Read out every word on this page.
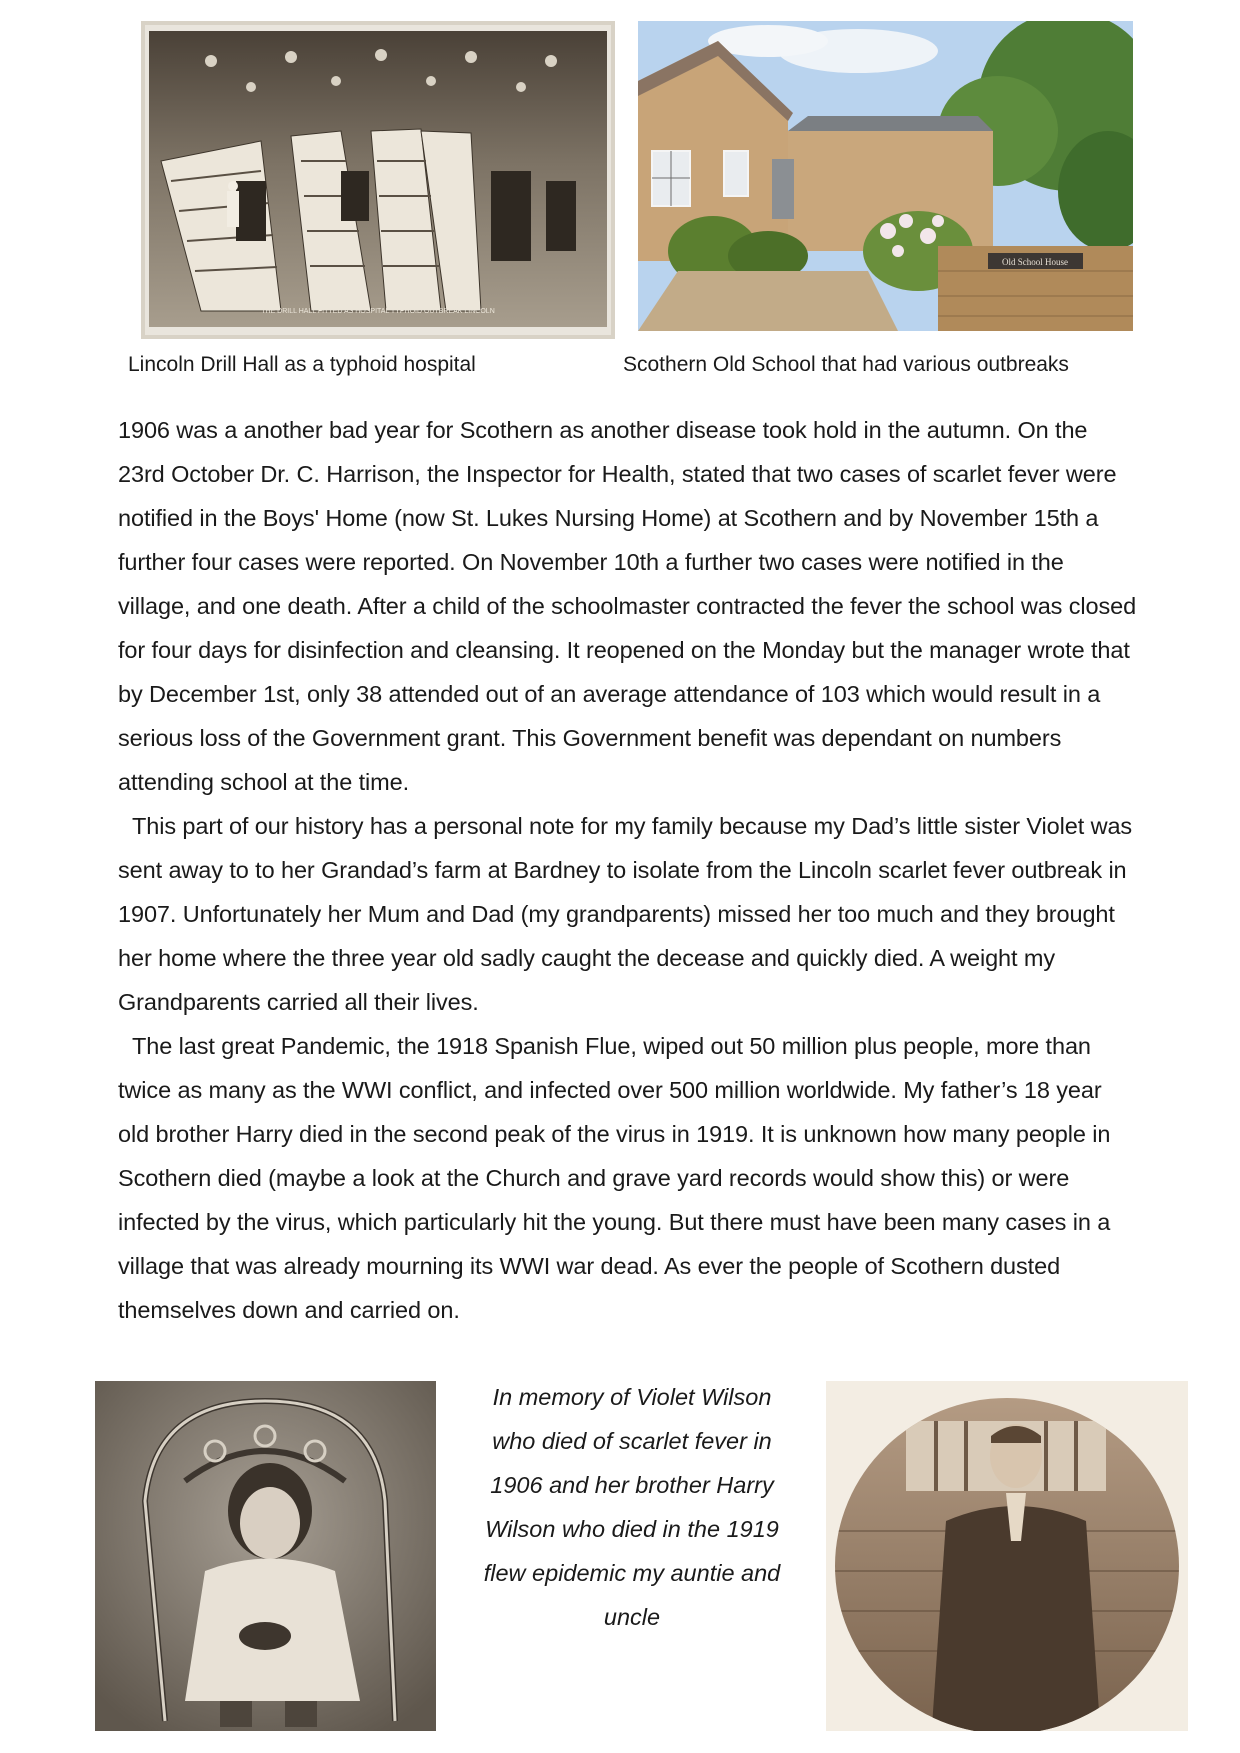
THE DRILL HALL FITTED AS HOSPITAL TYPHOID OUTBREAK LINCOLN
Old School House
Lincoln Drill Hall as a typhoid hospital	Scothern Old School that had various outbreaks

1906 was a another bad year for Scothern as another disease took hold in the autumn. On the 23rd October Dr. C. Harrison, the Inspector for Health, stated that two cases of scarlet fever were notified in the Boys' Home (now St. Lukes Nursing Home) at Scothern and by November 15th a further four cases were reported. On November 10th a further two cases were notified in the village, and one death. After a child of the schoolmaster contracted the fever the school was closed for four days for disinfection and cleansing. It reopened on the Monday but the manager wrote that by December 1st, only 38 attended out of an average attendance of 103 which would result in a serious loss of the Government grant. This Government benefit was dependant on numbers attending school at the time.

This part of our history has a personal note for my family because my Dad’s little sister Violet was sent away to to her Grandad’s farm at Bardney to isolate from the Lincoln scarlet fever outbreak in 1907. Unfortunately her Mum and Dad (my grandparents) missed her too much and they brought her home where the three year old sadly caught the decease and quickly died. A weight my Grandparents carried all their lives.

The last great Pandemic, the 1918 Spanish Flue, wiped out 50 million plus people, more than twice as many as the WWI conflict, and infected over 500 million worldwide. My father’s 18 year old brother Harry died in the second peak of the virus in 1919. It is unknown how many people in Scothern died (maybe a look at the Church and grave yard records would show this) or were infected by the virus, which particularly hit the young. But there must have been many cases in a village that was already mourning its WWI war dead. As ever the people of Scothern dusted themselves down and carried on.

In memory of Violet Wilson
who died of scarlet fever in
1906 and her brother Harry
Wilson who died in the 1919
flew epidemic my auntie and
uncle
